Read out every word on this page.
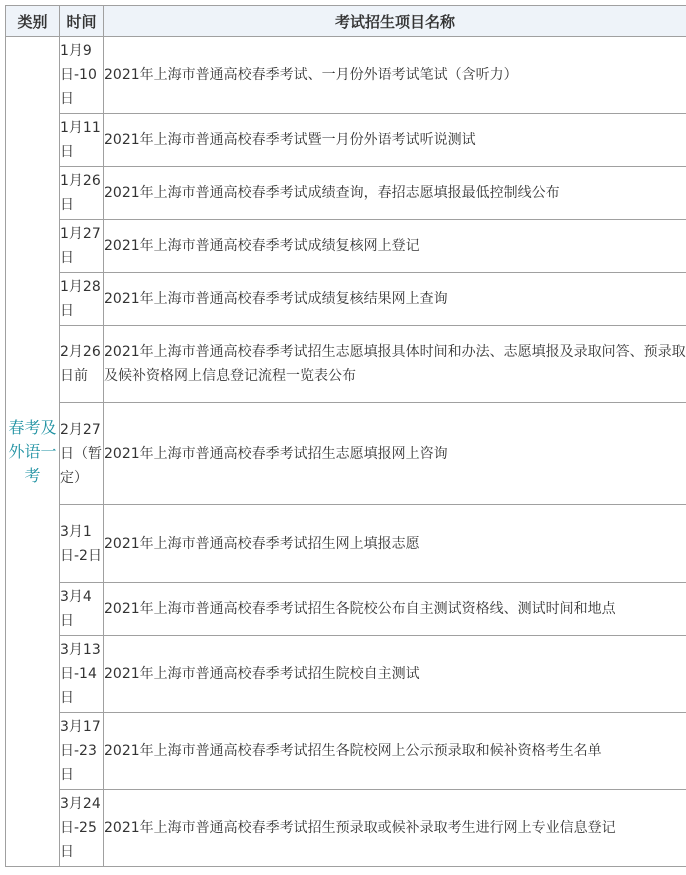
类别	时间	考试招生项目名称
春考及外语一考	1月9日-10日	2021年上海市普通高校春季考试、一月份外语考试笔试（含听力）
	1月11日	2021年上海市普通高校春季考试暨一月份外语考试听说测试
	1月26日	2021年上海市普通高校春季考试成绩查询，春招志愿填报最低控制线公布
	1月27日	2021年上海市普通高校春季考试成绩复核网上登记
	1月28日	2021年上海市普通高校春季考试成绩复核结果网上查询
	2月26日前	2021年上海市普通高校春季考试招生志愿填报具体时间和办法、志愿填报及录取问答、预录取及候补资格网上信息登记流程一览表公布
	2月27日（暂定）	2021年上海市普通高校春季考试招生志愿填报网上咨询
	3月1日-2日	2021年上海市普通高校春季考试招生网上填报志愿
	3月4日	2021年上海市普通高校春季考试招生各院校公布自主测试资格线、测试时间和地点
	3月13日-14日	2021年上海市普通高校春季考试招生院校自主测试
	3月17日-23日	2021年上海市普通高校春季考试招生各院校网上公示预录取和候补资格考生名单
	3月24日-25日	2021年上海市普通高校春季考试招生预录取或候补录取考生进行网上专业信息登记
